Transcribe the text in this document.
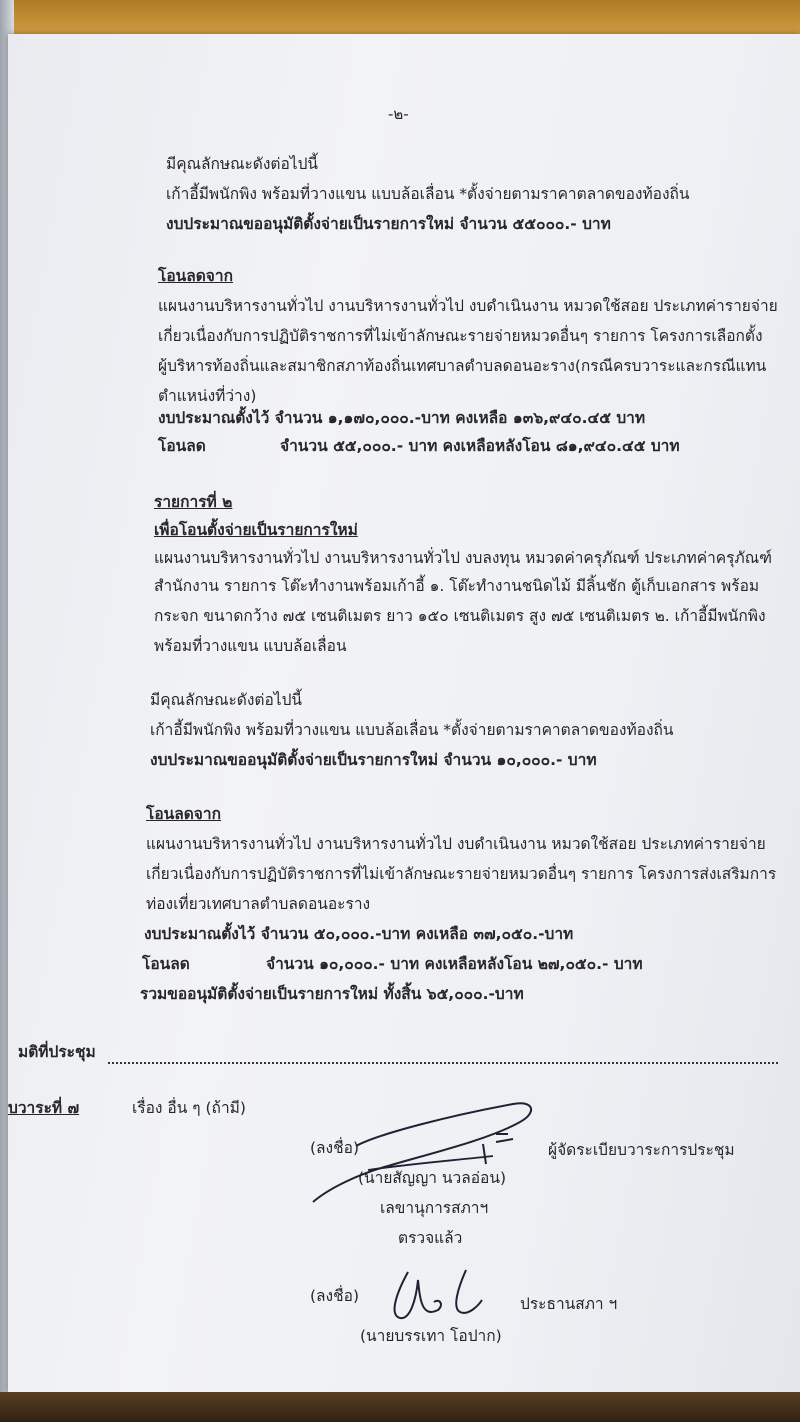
-๒-
มีคุณลักษณะดังต่อไปนี้
เก้าอี้มีพนักพิง พร้อมที่วางแขน แบบล้อเลื่อน *ตั้งจ่ายตามราคาตลาดของท้องถิ่น
งบประมาณขออนุมัติตั้งจ่ายเป็นรายการใหม่ จำนวน ๕๕๐๐๐.- บาท
โอนลดจาก
แผนงานบริหารงานทั่วไป งานบริหารงานทั่วไป งบดำเนินงาน หมวดใช้สอย ประเภทค่ารายจ่าย
เกี่ยวเนื่องกับการปฏิบัติราชการที่ไม่เข้าลักษณะรายจ่ายหมวดอื่นๆ รายการ โครงการเลือกตั้ง
ผู้บริหารท้องถิ่นและสมาชิกสภาท้องถิ่นเทศบาลตำบลดอนอะราง(กรณีครบวาระและกรณีแทน
ตำแหน่งที่ว่าง)
งบประมาณตั้งไว้ จำนวน ๑,๑๗๐,๐๐๐.-บาท คงเหลือ ๑๓๖,๙๔๐.๔๕ บาท
โอนลด	จำนวน ๕๕,๐๐๐.- บาท คงเหลือหลังโอน ๘๑,๙๔๐.๔๕ บาท
รายการที่ ๒
เพื่อโอนตั้งจ่ายเป็นรายการใหม่
แผนงานบริหารงานทั่วไป งานบริหารงานทั่วไป งบลงทุน หมวดค่าครุภัณฑ์ ประเภทค่าครุภัณฑ์
สำนักงาน รายการ โต๊ะทำงานพร้อมเก้าอี้ ๑. โต๊ะทำงานชนิดไม้ มีลิ้นชัก ตู้เก็บเอกสาร พร้อม
กระจก ขนาดกว้าง ๗๕ เซนติเมตร ยาว ๑๕๐ เซนติเมตร สูง ๗๕ เซนติเมตร ๒. เก้าอี้มีพนักพิง
พร้อมที่วางแขน แบบล้อเลื่อน
มีคุณลักษณะดังต่อไปนี้
เก้าอี้มีพนักพิง พร้อมที่วางแขน แบบล้อเลื่อน *ตั้งจ่ายตามราคาตลาดของท้องถิ่น
งบประมาณขออนุมัติตั้งจ่ายเป็นรายการใหม่ จำนวน ๑๐,๐๐๐.- บาท
โอนลดจาก
แผนงานบริหารงานทั่วไป งานบริหารงานทั่วไป งบดำเนินงาน หมวดใช้สอย ประเภทค่ารายจ่าย
เกี่ยวเนื่องกับการปฏิบัติราชการที่ไม่เข้าลักษณะรายจ่ายหมวดอื่นๆ รายการ โครงการส่งเสริมการ
ท่องเที่ยวเทศบาลตำบลดอนอะราง
งบประมาณตั้งไว้ จำนวน ๕๐,๐๐๐.-บาท คงเหลือ ๓๗,๐๕๐.-บาท
โอนลด	จำนวน ๑๐,๐๐๐.- บาท คงเหลือหลังโอน ๒๗,๐๕๐.- บาท
รวมขออนุมัติตั้งจ่ายเป็นรายการใหม่ ทั้งสิ้น ๖๕,๐๐๐.-บาท
มติที่ประชุม
บวาระที่ ๗	เรื่อง อื่น ๆ (ถ้ามี)
(ลงชื่อ)	ผู้จัดระเบียบวาระการประชุม
(นายสัญญา นวลอ่อน)
เลขานุการสภาฯ
ตรวจแล้ว
(ลงชื่อ)	ประธานสภา ฯ
(นายบรรเทา โอปาก)
